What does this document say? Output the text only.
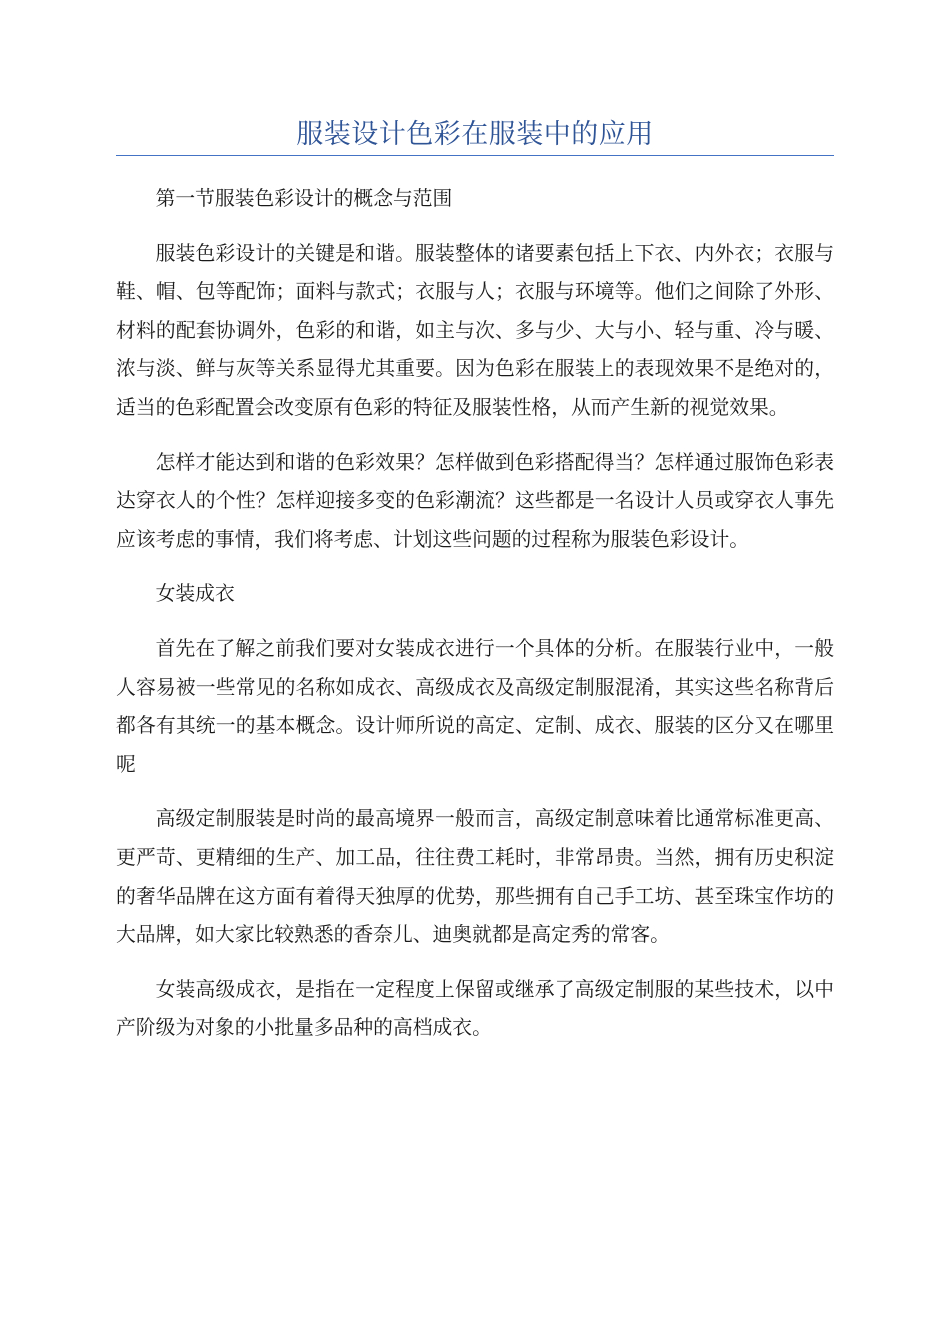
服装设计色彩在服装中的应用

第一节服装色彩设计的概念与范围

服装色彩设计的关键是和谐。服装整体的诸要素包括上下衣、内外衣；衣服与鞋、帽、包等配饰；面料与款式；衣服与人；衣服与环境等。他们之间除了外形、材料的配套协调外，色彩的和谐，如主与次、多与少、大与小、轻与重、冷与暖、浓与淡、鲜与灰等关系显得尤其重要。因为色彩在服装上的表现效果不是绝对的，适当的色彩配置会改变原有色彩的特征及服装性格，从而产生新的视觉效果。

怎样才能达到和谐的色彩效果？怎样做到色彩搭配得当？怎样通过服饰色彩表达穿衣人的个性？怎样迎接多变的色彩潮流？这些都是一名设计人员或穿衣人事先应该考虑的事情，我们将考虑、计划这些问题的过程称为服装色彩设计。

女装成衣

首先在了解之前我们要对女装成衣进行一个具体的分析。在服装行业中，一般人容易被一些常见的名称如成衣、高级成衣及高级定制服混淆，其实这些名称背后都各有其统一的基本概念。设计师所说的高定、定制、成衣、服装的区分又在哪里呢

高级定制服装是时尚的最高境界一般而言，高级定制意味着比通常标准更高、更严苛、更精细的生产、加工品，往往费工耗时，非常昂贵。当然，拥有历史积淀的奢华品牌在这方面有着得天独厚的优势，那些拥有自己手工坊、甚至珠宝作坊的大品牌，如大家比较熟悉的香奈儿、迪奥就都是高定秀的常客。

女装高级成衣，是指在一定程度上保留或继承了高级定制服的某些技术，以中产阶级为对象的小批量多品种的高档成衣。
